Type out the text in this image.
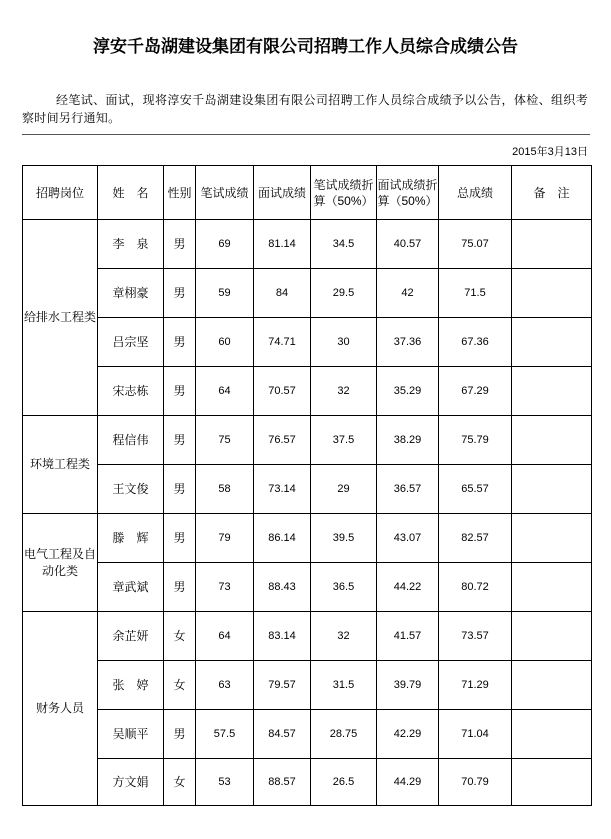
淳安千岛湖建设集团有限公司招聘工作人员综合成绩公告
经笔试、面试，现将淳安千岛湖建设集团有限公司招聘工作人员综合成绩予以公告，体检、组织考察时间另行通知。
2015年3月13日
招聘岗位	姓　名	性别	笔试成绩	面试成绩	笔试成绩折算（50%）	面试成绩折算（50%）	总成绩	备　注
给排水工程类	李　泉	男	69	81.14	34.5	40.57	75.07	
	章栩豪	男	59	84	29.5	42	71.5	
	吕宗坚	男	60	74.71	30	37.36	67.36	
	宋志栋	男	64	70.57	32	35.29	67.29	
环境工程类	程信伟	男	75	76.57	37.5	38.29	75.79	
	王文俊	男	58	73.14	29	36.57	65.57	
电气工程及自动化类	滕　辉	男	79	86.14	39.5	43.07	82.57	
	章武斌	男	73	88.43	36.5	44.22	80.72	
财务人员	余芷妍	女	64	83.14	32	41.57	73.57	
	张　婷	女	63	79.57	31.5	39.79	71.29	
	吴顺平	男	57.5	84.57	28.75	42.29	71.04	
	方文娟	女	53	88.57	26.5	44.29	70.79	
